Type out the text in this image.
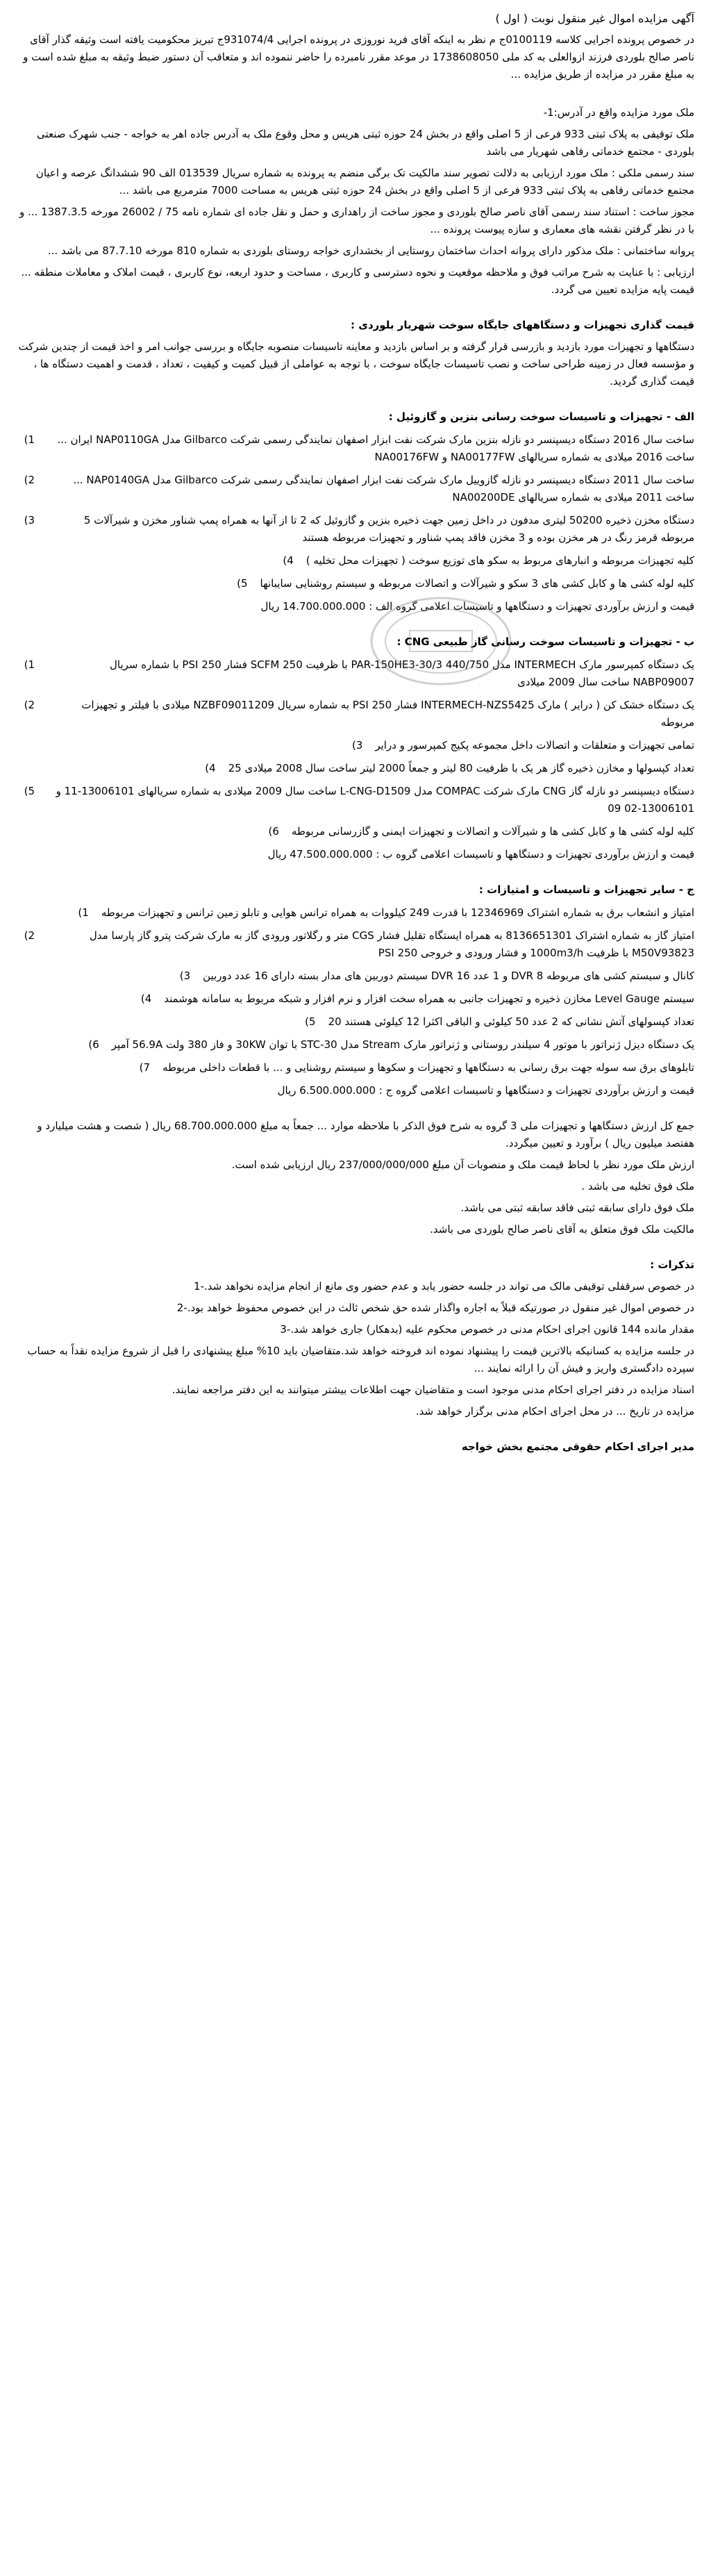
آگهی مزایده اموال غیر منقول نوبت ( اول )

در خصوص پرونده اجرایی کلاسه 0100119ج م نظر به اینکه آقای فرید نوروزی در پرونده اجرایی 931074/4ج تبریز محکومیت یافته است وثیقه گذار آقای ناصر صالح بلوردی فرزند ازوالعلی به کد ملی 1738608050 در موعد مقرر نامبرده را حاضر ننموده اند و متعاقب آن دستور ضبط وثیقه به مبلغ شده است و به مبلغ مقرر در مزایده از طریق مزایده ...

ملک مورد مزایده واقع در آدرس:1-

ملک توقیفی به پلاک ثبتی 933 فرعی از 5 اصلی واقع در بخش 24 حوزه ثبتی هریس و محل وقوع ملک به آدرس جاده اهر به خواجه - جنب شهرک صنعتی بلوردی - مجتمع خدماتی رفاهی شهریار می باشد

سند رسمی ملکی : ملک مورد ارزیابی به دلالت تصویر سند مالکیت تک برگی منضم به پرونده به شماره سریال 013539 الف 90 ششدانگ عرصه و اعیان مجتمع خدماتی رفاهی به پلاک ثبتی 933 فرعی از 5 اصلی واقع در بخش 24 حوزه ثبتی هریس به مساحت 7000 مترمربع می باشد ...

مجوز ساخت : استناد سند رسمی آقای ناصر صالح بلوردی و مجوز ساخت از راهداری و حمل و نقل جاده ای شماره نامه 75 / 26002 مورخه 1387.3.5 ... و با در نظر گرفتن نقشه های معماری و سازه پیوست پرونده ...

پروانه ساختمانی : ملک مذکور دارای پروانه احداث ساختمان روستایی از بخشداری خواجه روستای بلوردی به شماره 810 مورخه 87.7.10 می باشد ...

ارزیابی : با عنایت به شرح مراتب فوق و ملاحظه موقعیت و نحوه دسترسی و کاربری ، مساحت و حدود اربعه، نوع کاربری ، قیمت املاک و معاملات منطقه ... قیمت پایه مزایده تعیین می گردد.

قیمت گذاری تجهیزات و دستگاههای جایگاه سوخت شهریار بلوردی :

دستگاهها و تجهیزات مورد بازدید و بازرسی قرار گرفته و بر اساس بازدید و معاینه تاسیسات منصوبه جایگاه و بررسی جوانب امر و اخذ قیمت از چندین شرکت و مؤسسه فعال در زمینه طراحی ساخت و نصب تاسیسات جایگاه سوخت ، با توجه به عواملی از قبیل کمیت و کیفیت ، تعداد ، قدمت و اهمیت دستگاه ها ، قیمت گذاری گردید.

الف - تجهیزات و تاسیسات سوخت رسانی بنزین و گازوئیل :

ساخت سال 2016 دستگاه دیسپنسر دو نازله بنزین مارک شرکت نفت ابزار اصفهان نمایندگی رسمی شرکت Gilbarco مدل NAP0110GA ایران ... ساخت 2016 میلادی به شماره سریالهای NA00177FW و NA00176FW
1)
ساخت سال 2011 دستگاه دیسپنسر دو نازله گازوییل مارک شرکت نفت ابزار اصفهان نمایندگی رسمی شرکت Gilbarco مدل NAP0140GA ... ساخت 2011 میلادی به شماره سریالهای NA00200DE
2)
دستگاه مخزن ذخیره 50200 لیتری مدفون در داخل زمین جهت ذخیره بنزین و گازوئیل که 2 تا از آنها به همراه پمپ شناور مخزن و شیرآلات 5 مربوطه قرمز رنگ در هر مخزن بوده و 3 مخزن فاقد پمپ شناور و تجهیزات مربوطه هستند
3)
کلیه تجهیزات مربوطه و انبارهای مربوط به سکو های توزیع سوخت ( تجهیزات محل تخلیه )
4)
کلیه لوله کشی ها و کابل کشی های 3 سکو و شیرآلات و اتصالات مربوطه و سیستم روشنایی سایبانها
5)

قیمت و ارزش برآوردی تجهیزات و دستگاهها و تاسیسات اعلامی گروه الف : 14.700.000.000 ریال

ب - تجهیزات و تاسیسات سوخت رسانی گاز طبیعی CNG :

یک دستگاه کمپرسور مارک INTERMECH مدل PAR-150HE3-30/3 440/750 با ظرفیت 250 SCFM فشار 250 PSI با شماره سریال NABP09007 ساخت سال 2009 میلادی
1)
یک دستگاه خشک کن ( درایر ) مارک INTERMECH-NZS5425 فشار 250 PSI به شماره سریال NZBF09011209 میلادی با فیلتر و تجهیزات مربوطه
2)
تمامی تجهیزات و متعلقات و اتصالات داخل مجموعه پکیج کمپرسور و درایر
3)
تعداد کپسولها و مخازن ذخیره گاز هر یک با ظرفیت 80 لیتر و جمعاً 2000 لیتر ساخت سال 2008 میلادی 25
4)
دستگاه دیسپنسر دو نازله گاز CNG مارک شرکت COMPAC مدل L-CNG-D1509 ساخت سال 2009 میلادی به شماره سریالهای 13006101-11 و 13006101-02 09
5)
کلیه لوله کشی ها و کابل کشی ها و شیرآلات و اتصالات و تجهیزات ایمنی و گازرسانی مربوطه
6)

قیمت و ارزش برآوردی تجهیزات و دستگاهها و تاسیسات اعلامی گروه ب : 47.500.000.000 ریال

ج - سایر تجهیزات و تاسیسات و امتیازات :

امتیاز و انشعاب برق به شماره اشتراک 12346969 با قدرت 249 کیلووات به همراه ترانس هوایی و تابلو زمین ترانس و تجهیزات مربوطه
1)
امتیاز گاز به شماره اشتراک 8136651301 به همراه ایستگاه تقلیل فشار CGS متر و رگلاتور ورودی گاز به مارک شرکت پترو گاز پارسا مدل M50V93823 با ظرفیت 1000m3/h و فشار ورودی و خروجی 250 PSI
2)
کانال و سیستم کشی های مربوطه DVR 8 و 1 عدد DVR 16 سیستم دوربین های مدار بسته دارای 16 عدد دوربین
3)
سیستم Level Gauge مخازن ذخیره و تجهیزات جانبی به همراه سخت افزار و نرم افزار و شبکه مربوط به سامانه هوشمند
4)
تعداد کپسولهای آتش نشانی که 2 عدد 50 کیلوئی و الباقی اکثرا 12 کیلوئی هستند 20
5)
یک دستگاه دیزل ژنراتور با موتور 4 سیلندر روستانی و ژنراتور مارک Stream مدل STC-30 با توان 30KW و فاز 380 ولت 56.9A آمپر
6)
تابلوهای برق سه سوله جهت برق رسانی به دستگاهها و تجهیزات و سکوها و سیستم روشنایی و ... با قطعات داخلی مربوطه
7)

قیمت و ارزش برآوردی تجهیزات و دستگاهها و تاسیسات اعلامی گروه ج : 6.500.000.000 ریال

جمع کل ارزش دستگاهها و تجهیزات ملی 3 گروه به شرح فوق الذکر با ملاحظه موارد ... جمعاً به مبلغ 68.700.000.000 ریال ( شصت و هشت میلیارد و هفتصد میلیون ریال ) برآورد و تعیین میگردد.

ارزش ملک مورد نظر با لحاظ قیمت ملک و منصوبات آن مبلغ 237/000/000/000 ریال ارزیابی شده است.

ملک فوق تخلیه می باشد .

ملک فوق دارای سابقه ثبتی فاقد سابقه ثبتی می باشد.

مالکیت ملک فوق متعلق به آقای ناصر صالح بلوردی می باشد.

تذکرات :

در خصوص سرقفلی توقیفی مالک می تواند در جلسه حضور یابد و عدم حضور وی مانع از انجام مزایده نخواهد شد.-1

در خصوص اموال غیر منقول در صورتیکه قبلاً به اجاره واگذار شده حق شخص ثالث در این خصوص محفوظ خواهد بود.-2

مقدار مانده 144 قانون اجرای احکام مدنی در خصوص محکوم علیه (بدهکار) جاری خواهد شد.-3

در جلسه مزایده به کسانیکه بالاترین قیمت را پیشنهاد نموده اند فروخته خواهد شد.متقاضیان باید 10% مبلغ پیشنهادی را قبل از شروع مزایده نقداً به حساب سپرده دادگستری واریز و فیش آن را ارائه نمایند ...

اسناد مزایده در دفتر اجرای احکام مدنی موجود است و متقاضیان جهت اطلاعات بیشتر میتوانند به این دفتر مراجعه نمایند.

مزایده در تاریخ ... در محل اجرای احکام مدنی برگزار خواهد شد.

مدیر اجرای احکام حقوقی مجتمع بخش خواجه
